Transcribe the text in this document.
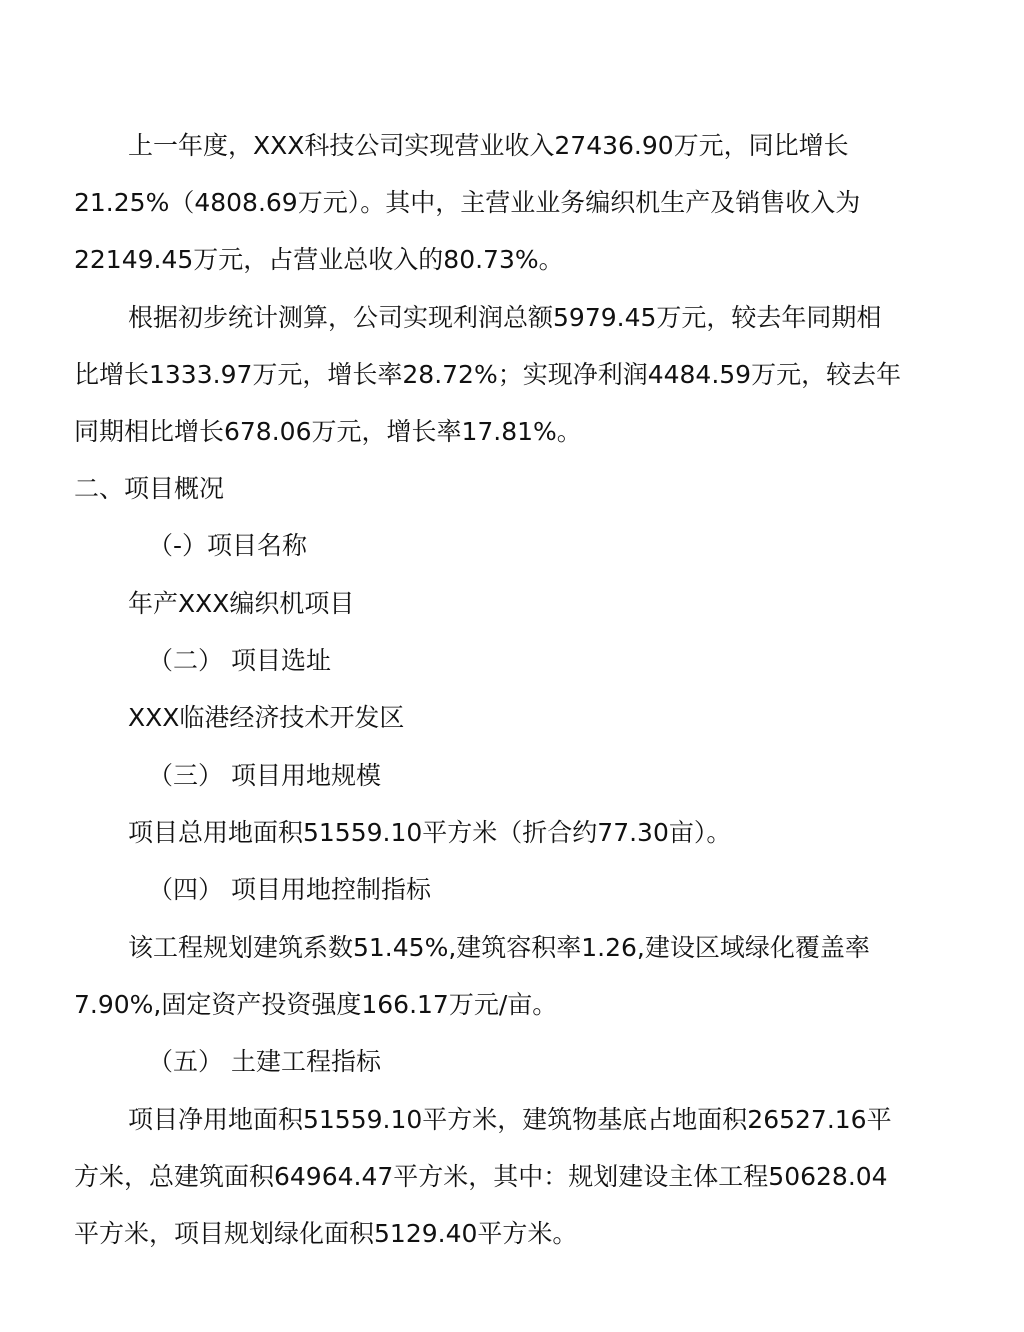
上一年度，XXX科技公司实现营业收入27436.90万元，同比增长
21.25%（4808.69万元）。其中，主营业业务编织机生产及销售收入为
22149.45万元，占营业总收入的80.73%。
根据初步统计测算，公司实现利润总额5979.45万元，较去年同期相
比增长1333.97万元，增长率28.72%；实现净利润4484.59万元，较去年
同期相比增长678.06万元，增长率17.81%。
二、项目概况
（-）项目名称
年产XXX编织机项目
（二） 项目选址
XXX临港经济技术开发区
（三） 项目用地规模
项目总用地面积51559.10平方米（折合约77.30亩）。
（四） 项目用地控制指标
该工程规划建筑系数51.45%,建筑容积率1.26,建设区域绿化覆盖率
7.90%,固定资产投资强度166.17万元/亩。
（五） 土建工程指标
项目净用地面积51559.10平方米，建筑物基底占地面积26527.16平
方米，总建筑面积64964.47平方米，其中：规划建设主体工程50628.04
平方米，项目规划绿化面积5129.40平方米。
